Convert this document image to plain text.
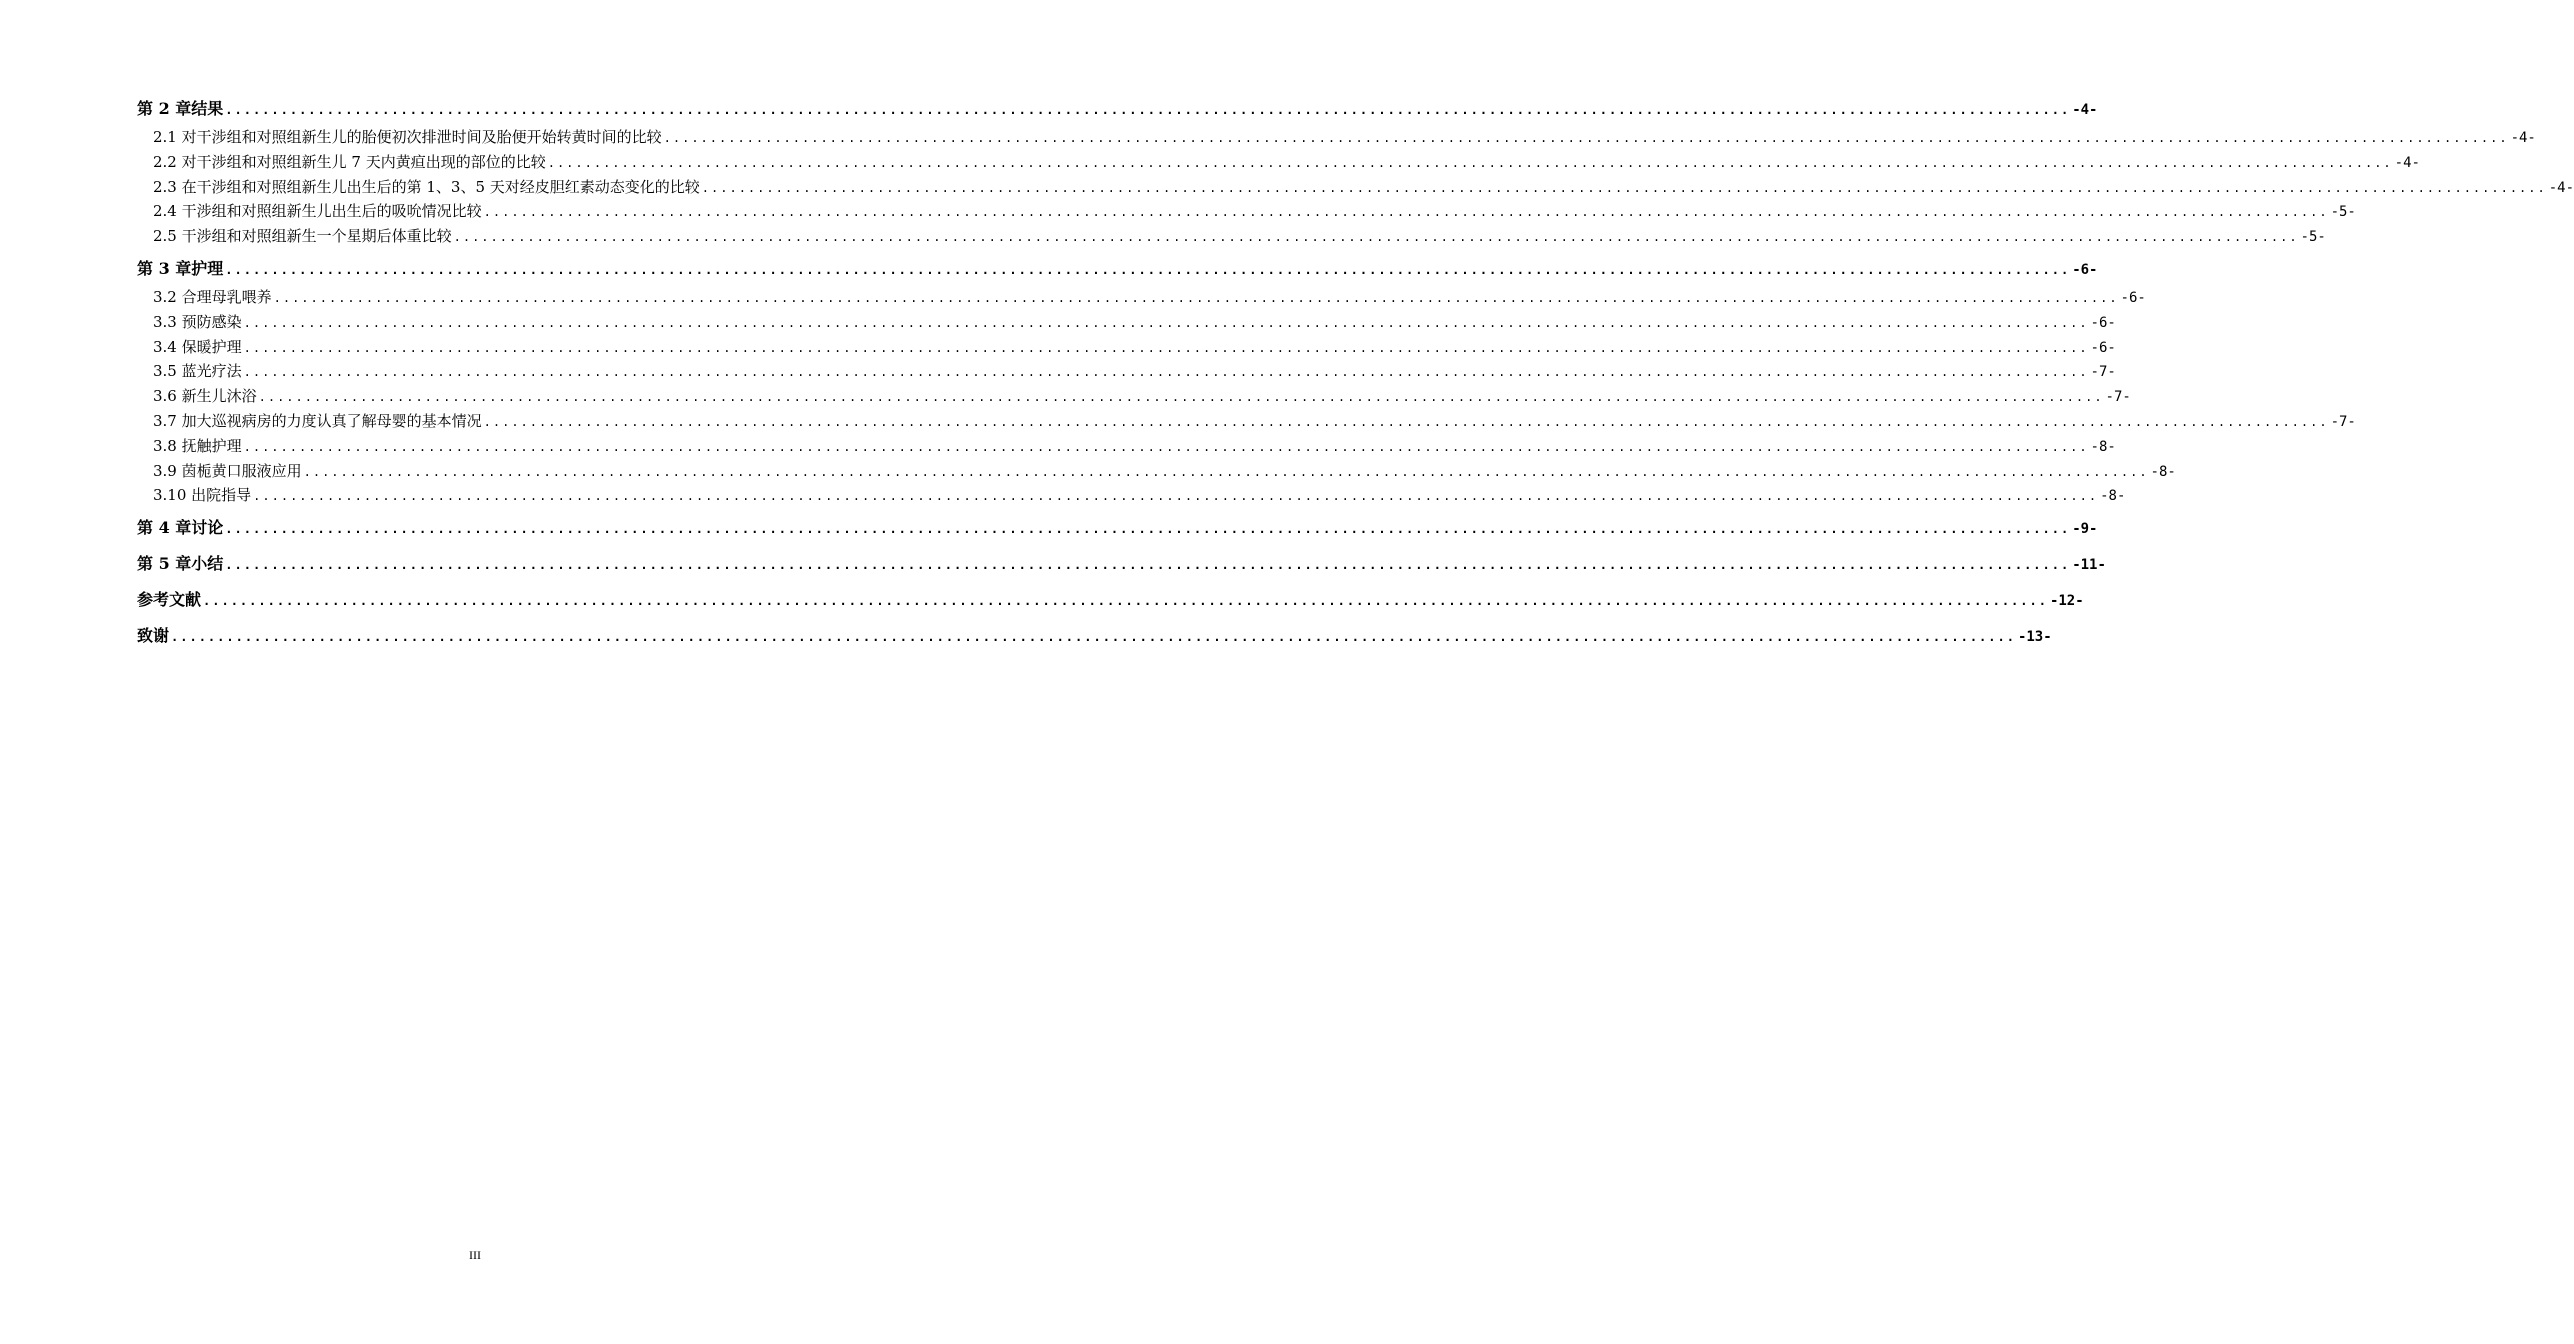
第 2 章结果 ........................................................................................................................................................................................................ -4-
2.1 对干涉组和对照组新生儿的胎便初次排泄时间及胎便开始转黄时间的比较 ........................................................................................................................................................................................................ -4-
2.2 对干涉组和对照组新生儿 7 天内黄疸出现的部位的比较 ........................................................................................................................................................................................................ -4-
2.3 在干涉组和对照组新生儿出生后的第 1、3、5 天对经皮胆红素动态变化的比较 ........................................................................................................................................................................................................ -4-
2.4 干涉组和对照组新生儿出生后的吸吮情况比较 ........................................................................................................................................................................................................ -5-
2.5 干涉组和对照组新生一个星期后体重比较 ........................................................................................................................................................................................................ -5-
第 3 章护理 ........................................................................................................................................................................................................ -6-
3.2 合理母乳喂养 ........................................................................................................................................................................................................ -6-
3.3 预防感染 ........................................................................................................................................................................................................ -6-
3.4 保暖护理 ........................................................................................................................................................................................................ -6-
3.5 蓝光疗法 ........................................................................................................................................................................................................ -7-
3.6 新生儿沐浴 ........................................................................................................................................................................................................ -7-
3.7 加大巡视病房的力度认真了解母婴的基本情况 ........................................................................................................................................................................................................ -7-
3.8 抚触护理 ........................................................................................................................................................................................................ -8-
3.9 茵栀黄口服液应用 ........................................................................................................................................................................................................ -8-
3.10 出院指导 ........................................................................................................................................................................................................ -8-
第 4 章讨论 ........................................................................................................................................................................................................ -9-
第 5 章小结 ........................................................................................................................................................................................................ -11-
参考文献 ........................................................................................................................................................................................................ -12-
致谢 ........................................................................................................................................................................................................ -13-
III
